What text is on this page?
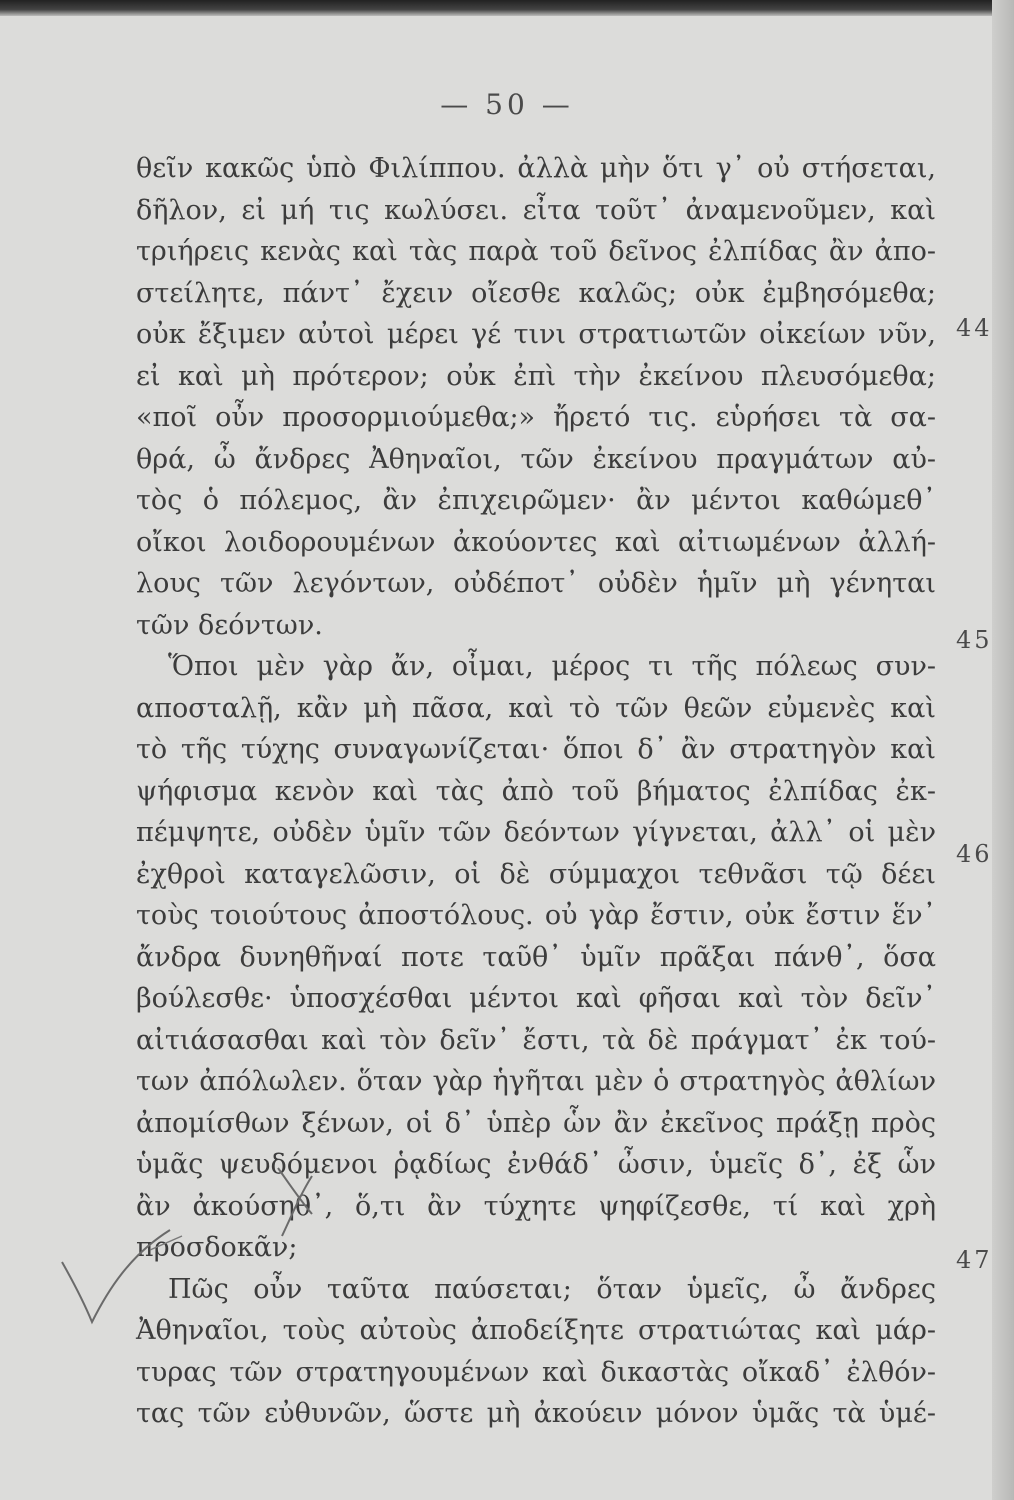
— 50 —
θεῖν κακῶς ὑπὸ Φιλίππου. ἀλλὰ μὴν ὅτι γ᾽ οὐ στήσεται,
δῆλον, εἰ μή τις κωλύσει. εἶτα τοῦτ᾽ ἀναμενοῦμεν, καὶ
τριήρεις κενὰς καὶ τὰς παρὰ τοῦ δεῖνος ἐλπίδας ἂν ἀπο-
στείλητε, πάντ᾽ ἔχειν οἴεσθε καλῶς; οὐκ ἐμβησόμεθα;
οὐκ ἔξιμεν αὐτοὶ μέρει γέ τινι στρατιωτῶν οἰκείων νῦν,
εἰ καὶ μὴ πρότερον; οὐκ ἐπὶ τὴν ἐκείνου πλευσόμεθα;
«ποῖ οὖν προσορμιούμεθα;» ἤρετό τις. εὑρήσει τὰ σα-
θρά, ὦ ἄνδρες Ἀθηναῖοι, τῶν ἐκείνου πραγμάτων αὐ-
τὸς ὁ πόλεμος, ἂν ἐπιχειρῶμεν· ἂν μέντοι καθώμεθ᾽
οἴκοι λοιδορουμένων ἀκούοντες καὶ αἰτιωμένων ἀλλή-
λους τῶν λεγόντων, οὐδέποτ᾽ οὐδὲν ἡμῖν μὴ γένηται
τῶν δεόντων.
Ὅποι μὲν γὰρ ἄν, οἶμαι, μέρος τι τῆς πόλεως συν-
αποσταλῇ, κἂν μὴ πᾶσα, καὶ τὸ τῶν θεῶν εὐμενὲς καὶ
τὸ τῆς τύχης συναγωνίζεται· ὅποι δ᾽ ἂν στρατηγὸν καὶ
ψήφισμα κενὸν καὶ τὰς ἀπὸ τοῦ βήματος ἐλπίδας ἐκ-
πέμψητε, οὐδὲν ὑμῖν τῶν δεόντων γίγνεται, ἀλλ᾽ οἱ μὲν
ἐχθροὶ καταγελῶσιν, οἱ δὲ σύμμαχοι τεθνᾶσι τῷ δέει
τοὺς τοιούτους ἀποστόλους. οὐ γὰρ ἔστιν, οὐκ ἔστιν ἕν᾽
ἄνδρα δυνηθῆναί ποτε ταῦθ᾽ ὑμῖν πρᾶξαι πάνθ᾽, ὅσα
βούλεσθε· ὑποσχέσθαι μέντοι καὶ φῆσαι καὶ τὸν δεῖν᾽
αἰτιάσασθαι καὶ τὸν δεῖν᾽ ἔστι, τὰ δὲ πράγματ᾽ ἐκ τού-
των ἀπόλωλεν. ὅταν γὰρ ἡγῆται μὲν ὁ στρατηγὸς ἀθλίων
ἀπομίσθων ξένων, οἱ δ᾽ ὑπὲρ ὧν ἂν ἐκεῖνος πράξῃ πρὸς
ὑμᾶς ψευδόμενοι ῥᾳδίως ἐνθάδ᾽ ὦσιν, ὑμεῖς δ᾽, ἐξ ὧν
ἂν ἀκούσηθ᾽, ὅ,τι ἂν τύχητε ψηφίζεσθε, τί καὶ χρὴ
προσδοκᾶν;
Πῶς οὖν ταῦτα παύσεται; ὅταν ὑμεῖς, ὦ ἄνδρες
Ἀθηναῖοι, τοὺς αὐτοὺς ἀποδείξητε στρατιώτας καὶ μάρ-
τυρας τῶν στρατηγουμένων καὶ δικαστὰς οἴκαδ᾽ ἐλθόν-
τας τῶν εὐθυνῶν, ὥστε μὴ ἀκούειν μόνον ὑμᾶς τὰ ὑμέ-
44
45
46
47
